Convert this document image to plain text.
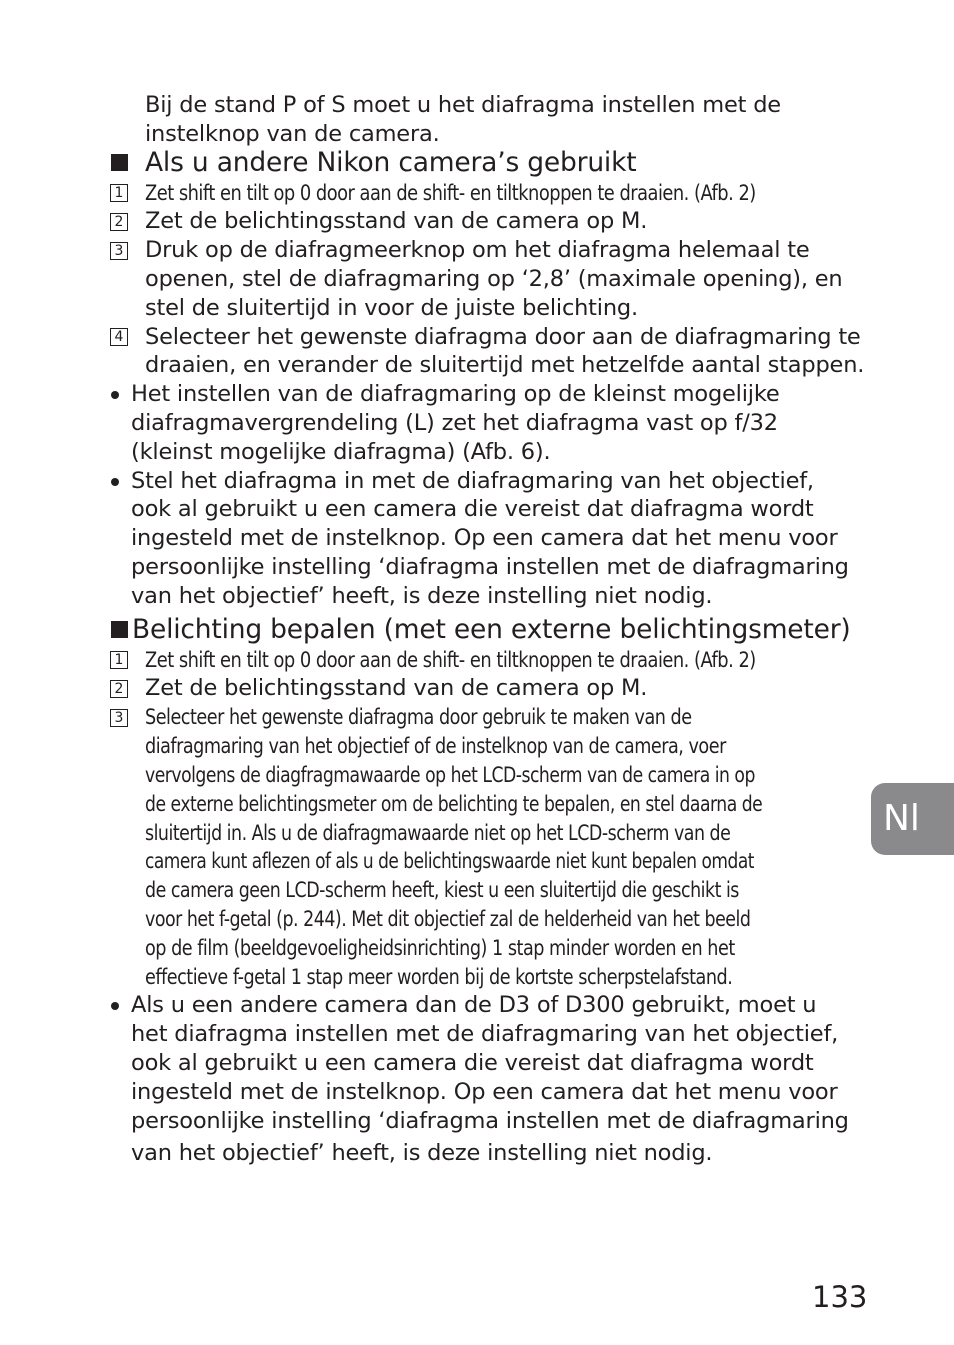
Bij de stand P of S moet u het diafragma instellen met de
instelknop van de camera.
Als u andere Nikon camera’s gebruikt
1 Zet shift en tilt op 0 door aan de shift- en tiltknoppen te draaien. (Afb. 2)
2 Zet de belichtingsstand van de camera op M.
3 Druk op de diafragmeerknop om het diafragma helemaal te
openen, stel de diafragmaring op ‘2,8’ (maximale opening), en
stel de sluitertijd in voor de juiste belichting.
4 Selecteer het gewenste diafragma door aan de diafragmaring te
draaien, en verander de sluitertijd met hetzelfde aantal stappen.
Het instellen van de diafragmaring op de kleinst mogelijke
diafragmavergrendeling (L) zet het diafragma vast op f/32
(kleinst mogelijke diafragma) (Afb. 6).
Stel het diafragma in met de diafragmaring van het objectief,
ook al gebruikt u een camera die vereist dat diafragma wordt
ingesteld met de instelknop. Op een camera dat het menu voor
persoonlijke instelling ‘diafragma instellen met de diafragmaring
van het objectief’ heeft, is deze instelling niet nodig.
Belichting bepalen (met een externe belichtingsmeter)
1 Zet shift en tilt op 0 door aan de shift- en tiltknoppen te draaien. (Afb. 2)
2 Zet de belichtingsstand van de camera op M.
3 Selecteer het gewenste diafragma door gebruik te maken van de
diafragmaring van het objectief of de instelknop van de camera, voer
vervolgens de diagfragmawaarde op het LCD-scherm van de camera in op
de externe belichtingsmeter om de belichting te bepalen, en stel daarna de
sluitertijd in. Als u de diafragmawaarde niet op het LCD-scherm van de
camera kunt aflezen of als u de belichtingswaarde niet kunt bepalen omdat
de camera geen LCD-scherm heeft, kiest u een sluitertijd die geschikt is
voor het f-getal (p. 244). Met dit objectief zal de helderheid van het beeld
op de film (beeldgevoeligheidsinrichting) 1 stap minder worden en het
effectieve f-getal 1 stap meer worden bij de kortste scherpstelafstand.
Als u een andere camera dan de D3 of D300 gebruikt, moet u
het diafragma instellen met de diafragmaring van het objectief,
ook al gebruikt u een camera die vereist dat diafragma wordt
ingesteld met de instelknop. Op een camera dat het menu voor
persoonlijke instelling ‘diafragma instellen met de diafragmaring
van het objectief’ heeft, is deze instelling niet nodig.
Nl
133
